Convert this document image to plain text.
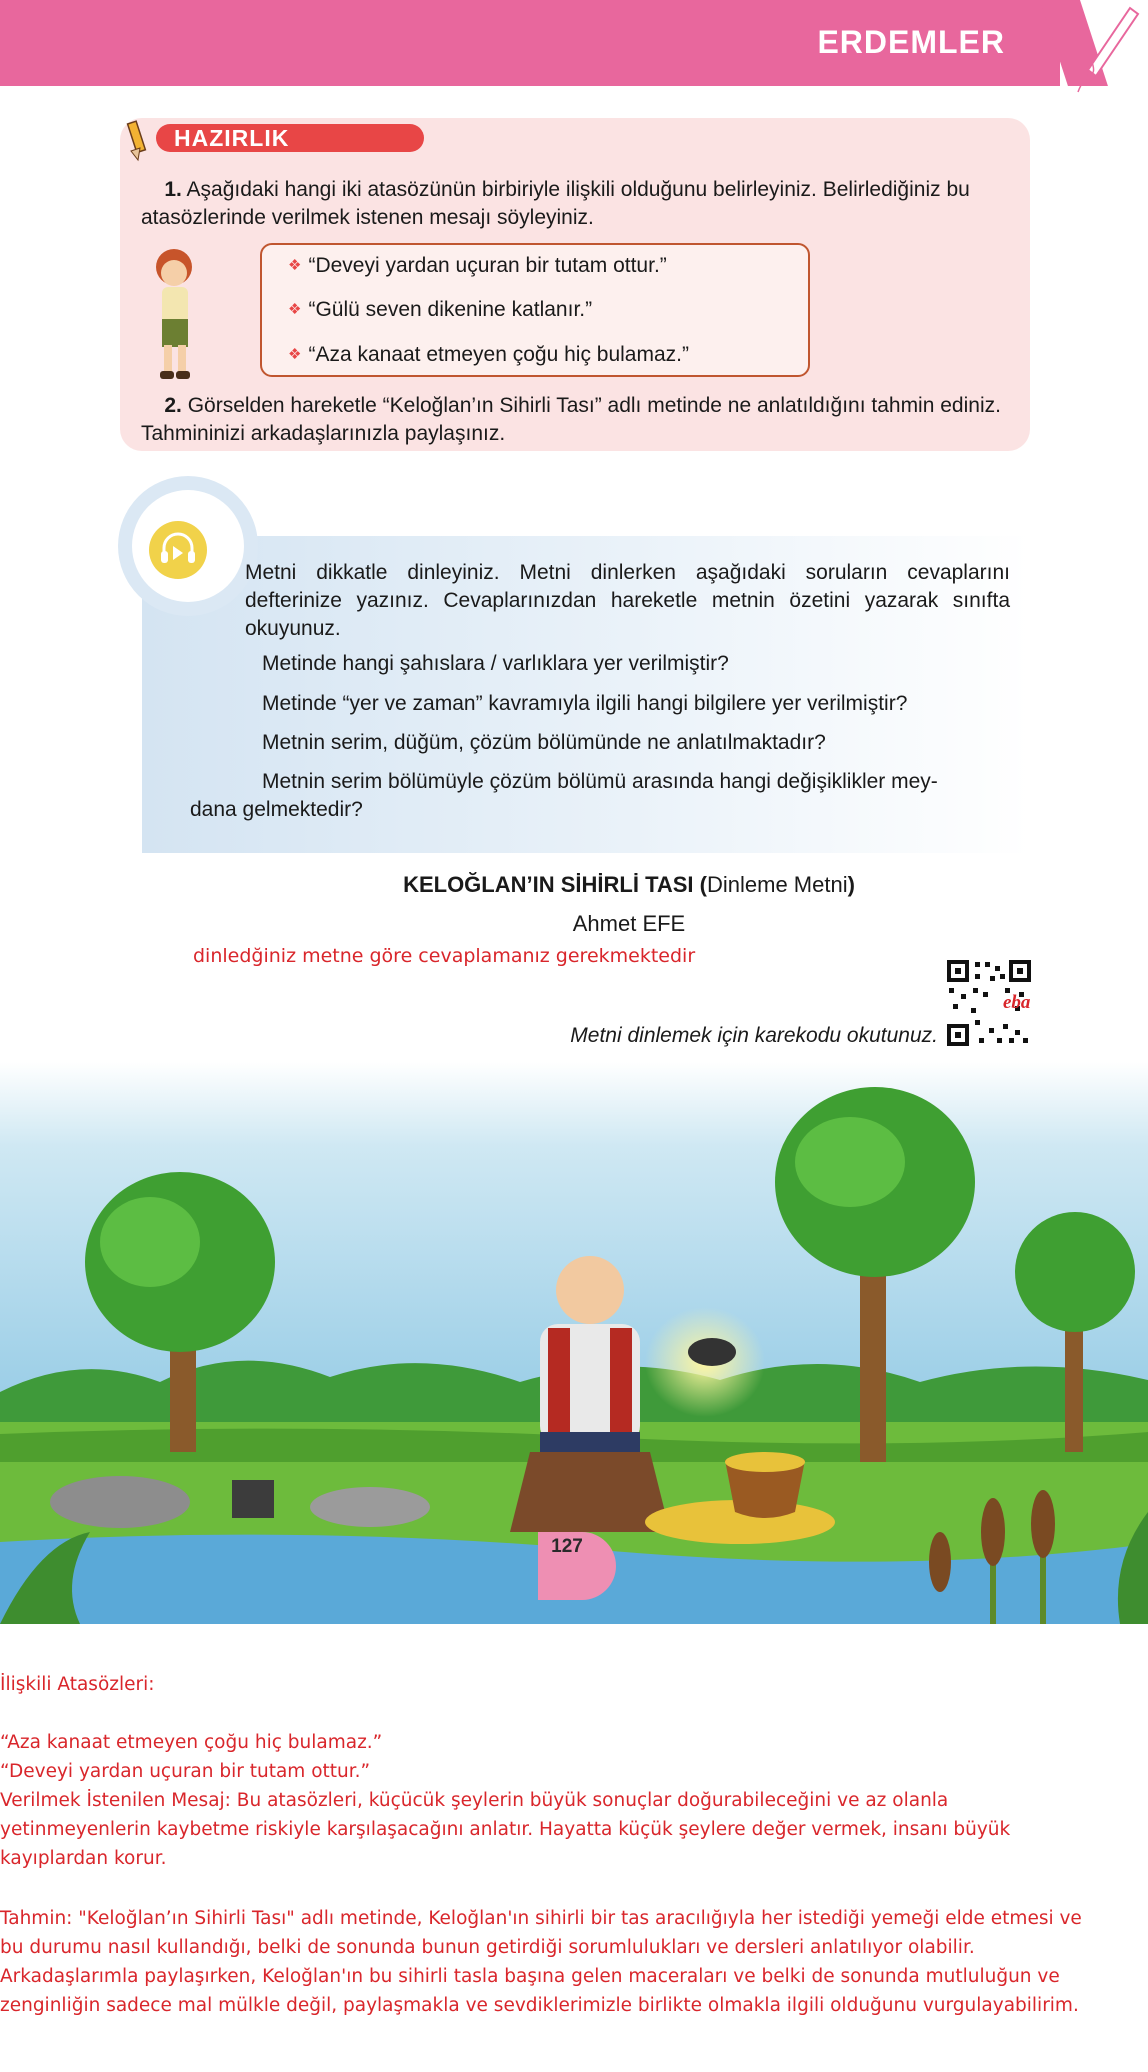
ERDEMLER
HAZIRLIK
1. Aşağıdaki hangi iki atasözünün birbiriyle ilişkili olduğunu belirleyiniz. Belirlediğiniz bu atasözlerinde verilmek istenen mesajı söyleyiniz.
❖ “Deveyi yardan uçuran bir tutam ottur.”
❖ “Gülü seven dikenine katlanır.”
❖ “Aza kanaat etmeyen çoğu hiç bulamaz.”
2. Görselden hareketle “Keloğlan’ın Sihirli Tası” adlı metinde ne anlatıldığını tahmin ediniz. Tahmininizi arkadaşlarınızla paylaşınız.
Metni dikkatle dinleyiniz. Metni dinlerken aşağıdaki soruların cevaplarını defterinize yazınız. Cevaplarınızdan hareketle metnin özetini yazarak sınıfta okuyunuz.
Metinde hangi şahıslara / varlıklara yer verilmiştir?
Metinde “yer ve zaman” kavramıyla ilgili hangi bilgilere yer verilmiştir?
Metnin serim, düğüm, çözüm bölümünde ne anlatılmaktadır?
Metnin serim bölümüyle çözüm bölümü arasında hangi değişiklikler mey-
dana gelmektedir?
KELOĞLAN’IN SİHİRLİ TASI (Dinleme Metni)
Ahmet EFE
dinledğiniz metne göre cevaplamanız gerekmektedir
Metni dinlemek için karekodu okutunuz.
eba
127
İlişkili Atasözleri:
“Aza kanaat etmeyen çoğu hiç bulamaz.”
“Deveyi yardan uçuran bir tutam ottur.”
Verilmek İstenilen Mesaj: Bu atasözleri, küçücük şeylerin büyük sonuçlar doğurabileceğini ve az olanla yetinmeyenlerin kaybetme riskiyle karşılaşacağını anlatır. Hayatta küçük şeylere değer vermek, insanı büyük kayıplardan korur.
Tahmin: "Keloğlan’ın Sihirli Tası" adlı metinde, Keloğlan'ın sihirli bir tas aracılığıyla her istediği yemeği elde etmesi ve bu durumu nasıl kullandığı, belki de sonunda bunun getirdiği sorumlulukları ve dersleri anlatılıyor olabilir. Arkadaşlarımla paylaşırken, Keloğlan'ın bu sihirli tasla başına gelen maceraları ve belki de sonunda mutluluğun ve zenginliğin sadece mal mülkle değil, paylaşmakla ve sevdiklerimizle birlikte olmakla ilgili olduğunu vurgulayabilirim.
